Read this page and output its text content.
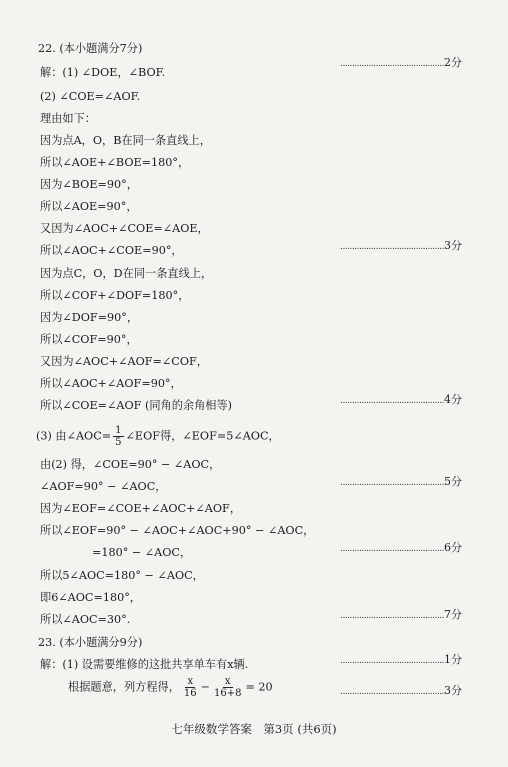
22. (本小题满分7分)
解：(1) ∠DOE，∠BOF.
(2) ∠COE=∠AOF.
理由如下：
因为点A，O，B在同一条直线上，
所以∠AOE+∠BOE=180°，
因为∠BOE=90°，
所以∠AOE=90°，
又因为∠AOC+∠COE=∠AOE，
所以∠AOC+∠COE=90°，
因为点C，O，D在同一条直线上，
所以∠COF+∠DOF=180°，
因为∠DOF=90°，
所以∠COF=90°，
又因为∠AOC+∠AOF=∠COF，
所以∠AOC+∠AOF=90°，
所以∠COE=∠AOF (同角的余角相等)
由(2) 得，∠COE=90° − ∠AOC，
∠AOF=90° − ∠AOC，
因为∠EOF=∠COE+∠AOC+∠AOF，
所以∠EOF=90° − ∠AOC+∠AOC+90° − ∠AOC，
=180° − ∠AOC，
所以5∠AOC=180° − ∠AOC，
即6∠AOC=180°，
所以∠AOC=30°.
23. (本小题满分9分)
解：(1) 设需要维修的这批共享单车有x辆.
............................................ 2分
............................................ 3分
............................................ 4分
............................................ 5分
............................................ 6分
............................................ 7分
............................................ 1分
............................................ 3分
(3) 由∠AOC= $\frac{1}{5}$ ∠EOF得，∠EOF=5∠AOC，
根据题意，列方程得， $\frac{x}{16} - \frac{x}{16+8} = 20$
七年级数学答案　第3页 (共6页)
